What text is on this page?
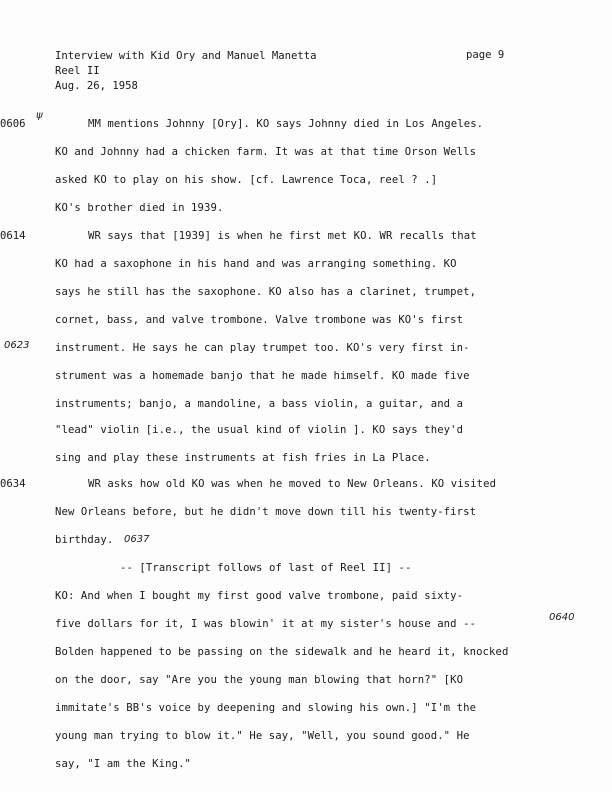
Interview with Kid Ory and Manuel Manetta
Reel II
Aug. 26, 1958
page 9
0606
ψ
0614
0623
0634
0640
MM mentions Johnny [Ory]. KO says Johnny died in Los Angeles.
KO and Johnny had a chicken farm. It was at that time Orson Wells
asked KO to play on his show. [cf. Lawrence Toca, reel ? .]
KO's brother died in 1939.
WR says that [1939] is when he first met KO. WR recalls that
KO had a saxophone in his hand and was arranging something. KO
says he still has the saxophone. KO also has a clarinet, trumpet,
cornet, bass, and valve trombone. Valve trombone was KO's first
instrument. He says he can play trumpet too. KO's very first in-
strument was a homemade banjo that he made himself. KO made five
instruments; banjo, a mandoline, a bass violin, a guitar, and a
"lead" violin [i.e., the usual kind of violin ]. KO says they'd
sing and play these instruments at fish fries in La Place.
WR asks how old KO was when he moved to New Orleans. KO visited
New Orleans before, but he didn't move down till his twenty-first
birthday. 0637
-- [Transcript follows of last of Reel II] --
KO: And when I bought my first good valve trombone, paid sixty-
five dollars for it, I was blowin' it at my sister's house and --
Bolden happened to be passing on the sidewalk and he heard it, knocked
on the door, say "Are you the young man blowing that horn?" [KO
immitate's BB's voice by deepening and slowing his own.] "I'm the
young man trying to blow it." He say, "Well, you sound good." He
say, "I am the King."
